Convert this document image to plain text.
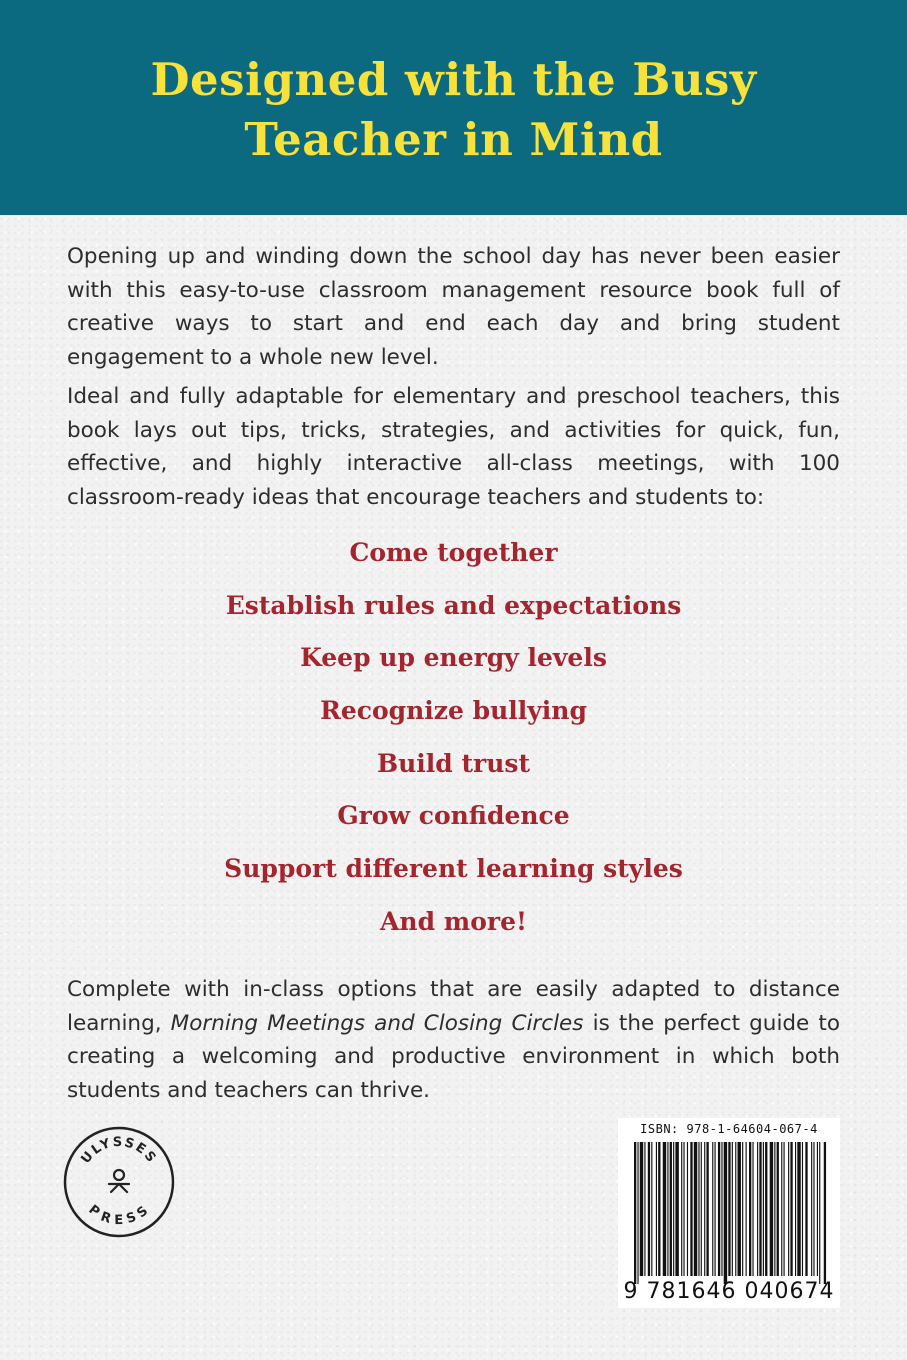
Designed with the Busy
Teacher in Mind

Opening up and winding down the school day has never been easier with this easy-to-use classroom management resource book full of creative ways to start and end each day and bring student engagement to a whole new level.

Ideal and fully adaptable for elementary and preschool teachers, this book lays out tips, tricks, strategies, and activities for quick, fun, effective, and highly interactive all-class meetings, with 100 classroom-ready ideas that encourage teachers and students to:

Come together
Establish rules and expectations
Keep up energy levels
Recognize bullying
Build trust
Grow confidence
Support different learning styles
And more!

Complete with in-class options that are easily adapted to distance learning, Morning Meetings and Closing Circles is the perfect guide to creating a welcoming and productive environment in which both students and teachers can thrive.

ULYSSES
PRESS
ISBN: 978-1-64604-067-4
9 781646 040674
